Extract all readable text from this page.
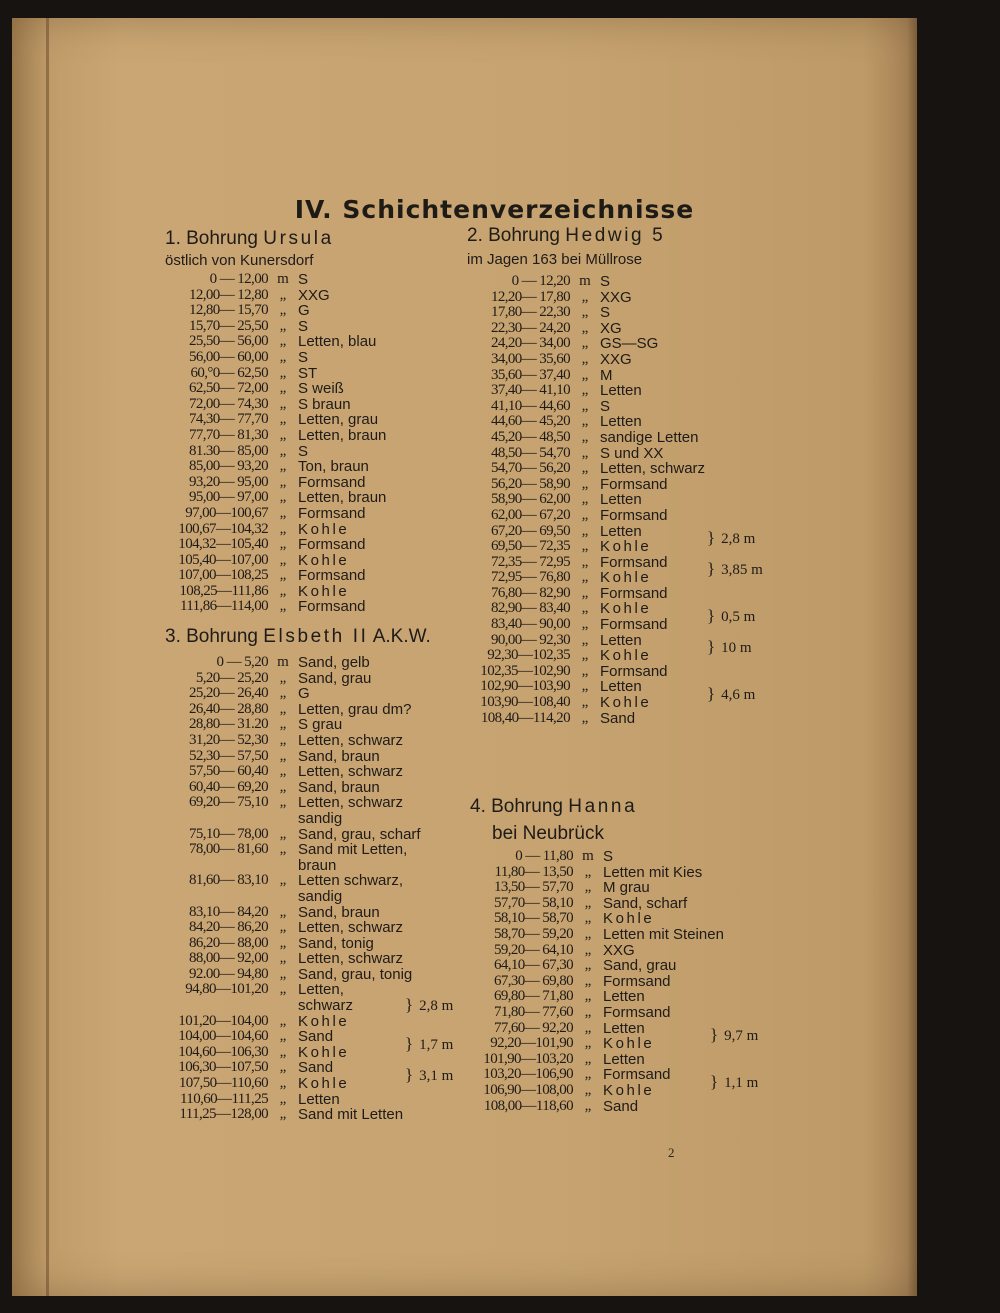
IV. Schichtenverzeichnisse
1. Bohrung Ursula
östlich von Kunersdorf
0 — 12,00 m S
12,00— 12,80 „ XXG
12,80— 15,70 „ G
15,70— 25,50 „ S
25,50— 56,00 „ Letten, blau
56,00— 60,00 „ S
60,°0— 62,50 „ ST
62,50— 72,00 „ S weiß
72,00— 74,30 „ S braun
74,30— 77,70 „ Letten, grau
77,70— 81,30 „ Letten, braun
81.30— 85,00 „ S
85,00— 93,20 „ Ton, braun
93,20— 95,00 „ Formsand
95,00— 97,00 „ Letten, braun
97,00—100,67 „ Formsand
100,67—104,32 „ Kohle
104,32—105,40 „ Formsand
105,40—107,00 „ Kohle
107,00—108,25 „ Formsand
108,25—111,86 „ Kohle
111,86—114,00 „ Formsand
3. Bohrung Elsbeth II A.K.W.
0 — 5,20 m Sand, gelb
5,20— 25,20 „ Sand, grau
25,20— 26,40 „ G
26,40— 28,80 „ Letten, grau dm?
28,80— 31.20 „ S grau
31,20— 52,30 „ Letten, schwarz
52,30— 57,50 „ Sand, braun
57,50— 60,40 „ Letten, schwarz
60,40— 69,20 „ Sand, braun
69,20— 75,10 „ Letten, schwarz
sandig
75,10— 78,00 „ Sand, grau, scharf
78,00— 81,60 „ Sand mit Letten,
braun
81,60— 83,10 „ Letten schwarz,
sandig
83,10— 84,20 „ Sand, braun
84,20— 86,20 „ Letten, schwarz
86,20— 88,00 „ Sand, tonig
88,00— 92,00 „ Letten, schwarz
92.00— 94,80 „ Sand, grau, tonig
94,80—101,20 „ Letten,
schwarz
101,20—104,00 „ Kohle
104,00—104,60 „ Sand
104,60—106,30 „ Kohle
106,30—107,50 „ Sand
107,50—110,60 „ Kohle
110,60—111,25 „ Letten
111,25—128,00 „ Sand mit Letten
} 2,8 m
} 1,7 m
} 3,1 m
2. Bohrung Hedwig 5
im Jagen 163 bei Müllrose
0 — 12,20 m S
12,20— 17,80 „ XXG
17,80— 22,30 „ S
22,30— 24,20 „ XG
24,20— 34,00 „ GS—SG
34,00— 35,60 „ XXG
35,60— 37,40 „ M
37,40— 41,10 „ Letten
41,10— 44,60 „ S
44,60— 45,20 „ Letten
45,20— 48,50 „ sandige Letten
48,50— 54,70 „ S und XX
54,70— 56,20 „ Letten, schwarz
56,20— 58,90 „ Formsand
58,90— 62,00 „ Letten
62,00— 67,20 „ Formsand
67,20— 69,50 „ Letten
69,50— 72,35 „ Kohle
72,35— 72,95 „ Formsand
72,95— 76,80 „ Kohle
76,80— 82,90 „ Formsand
82,90— 83,40 „ Kohle
83,40— 90,00 „ Formsand
90,00— 92,30 „ Letten
92,30—102,35 „ Kohle
102,35—102,90 „ Formsand
102,90—103,90 „ Letten
103,90—108,40 „ Kohle
108,40—114,20 „ Sand
} 2,8 m
} 3,85 m
} 0,5 m
} 10 m
} 4,6 m
4. Bohrung Hanna
bei Neubrück
0 — 11,80 m S
11,80— 13,50 „ Letten mit Kies
13,50— 57,70 „ M grau
57,70— 58,10 „ Sand, scharf
58,10— 58,70 „ Kohle
58,70— 59,20 „ Letten mit Steinen
59,20— 64,10 „ XXG
64,10— 67,30 „ Sand, grau
67,30— 69,80 „ Formsand
69,80— 71,80 „ Letten
71,80— 77,60 „ Formsand
77,60— 92,20 „ Letten
92,20—101,90 „ Kohle
101,90—103,20 „ Letten
103,20—106,90 „ Formsand
106,90—108,00 „ Kohle
108,00—118,60 „ Sand
} 9,7 m
} 1,1 m
2
